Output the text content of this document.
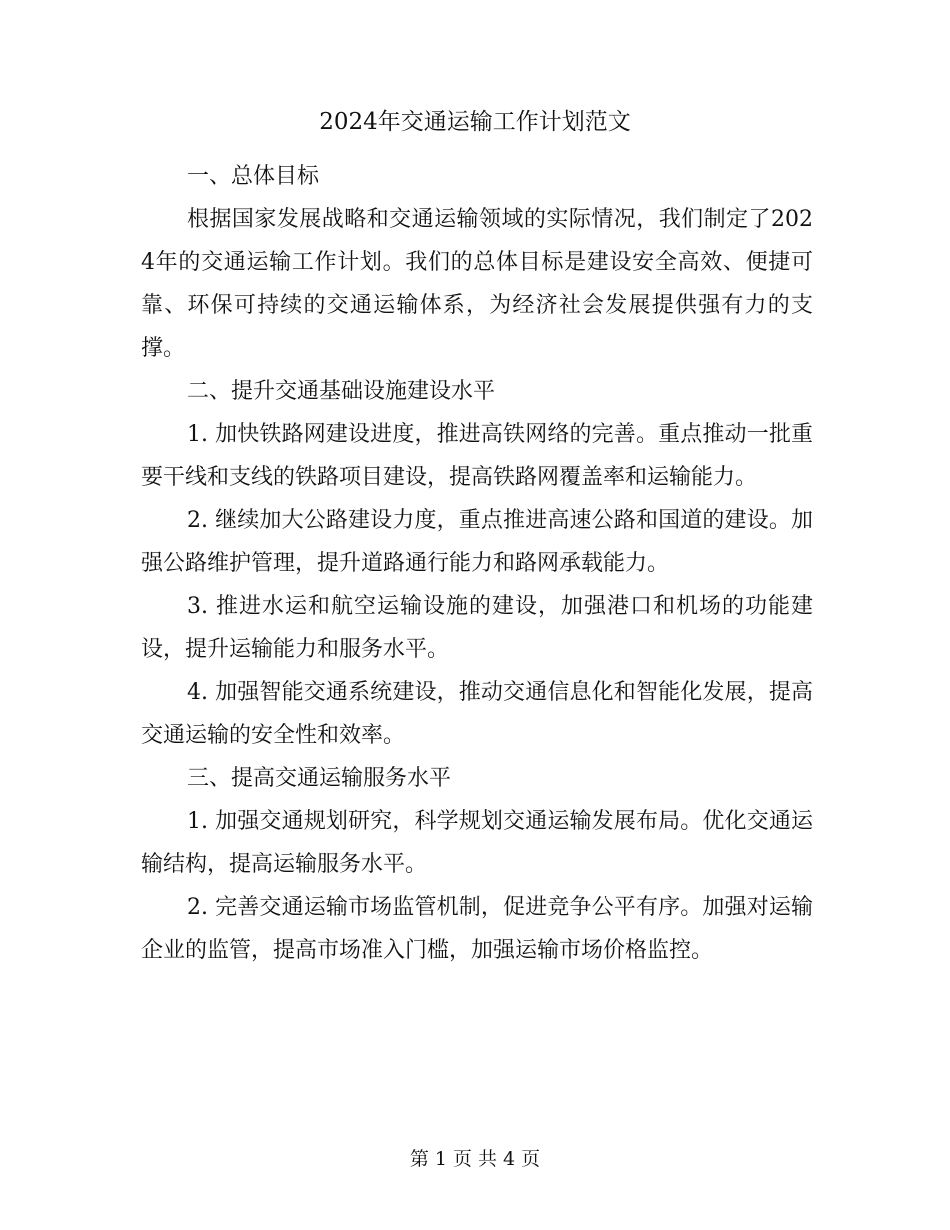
2024年交通运输工作计划范文

一、总体目标

根据国家发展战略和交通运输领域的实际情况，我们制定了2024年的交通运输工作计划。我们的总体目标是建设安全高效、便捷可靠、环保可持续的交通运输体系，为经济社会发展提供强有力的支撑。

二、提升交通基础设施建设水平

1. 加快铁路网建设进度，推进高铁网络的完善。重点推动一批重要干线和支线的铁路项目建设，提高铁路网覆盖率和运输能力。

2. 继续加大公路建设力度，重点推进高速公路和国道的建设。加强公路维护管理，提升道路通行能力和路网承载能力。

3. 推进水运和航空运输设施的建设，加强港口和机场的功能建设，提升运输能力和服务水平。

4. 加强智能交通系统建设，推动交通信息化和智能化发展，提高交通运输的安全性和效率。

三、提高交通运输服务水平

1. 加强交通规划研究，科学规划交通运输发展布局。优化交通运输结构，提高运输服务水平。

2. 完善交通运输市场监管机制，促进竞争公平有序。加强对运输企业的监管，提高市场准入门槛，加强运输市场价格监控。

第 1 页 共 4 页
